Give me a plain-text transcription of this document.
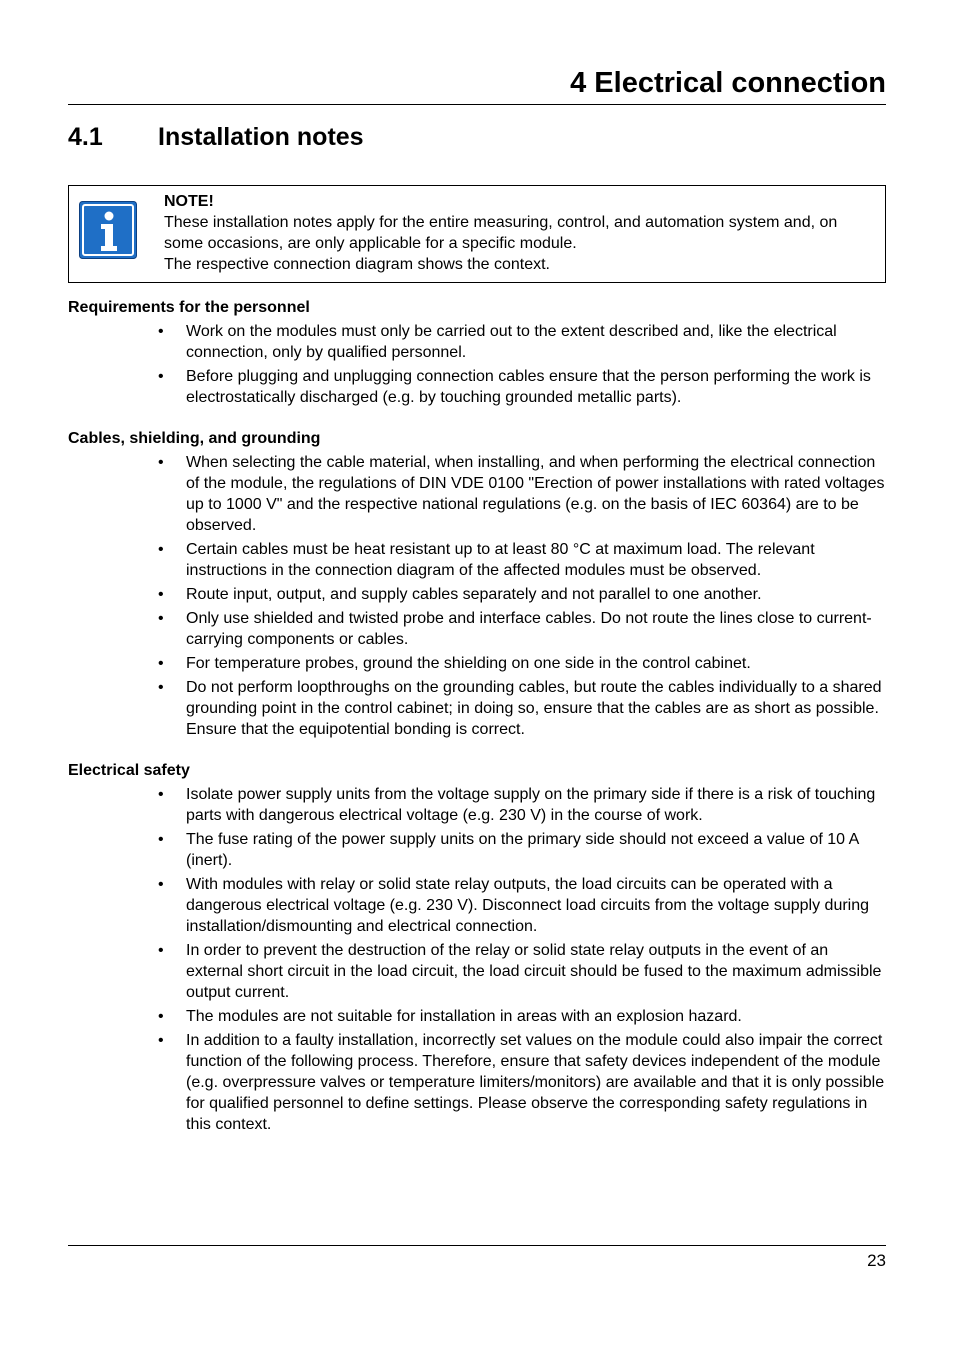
4 Electrical connection
4.1 Installation notes
NOTE!
These installation notes apply for the entire measuring, control, and automation system and, on some occasions, are only applicable for a specific module.
The respective connection diagram shows the context.
Requirements for the personnel
• Work on the modules must only be carried out to the extent described and, like the electrical connection, only by qualified personnel.
• Before plugging and unplugging connection cables ensure that the person performing the work is electrostatically discharged (e.g. by touching grounded metallic parts).
Cables, shielding, and grounding
• When selecting the cable material, when installing, and when performing the electrical connection of the module, the regulations of DIN VDE 0100 "Erection of power installations with rated voltages up to 1000 V" and the respective national regulations (e.g. on the basis of IEC 60364) are to be observed.
• Certain cables must be heat resistant up to at least 80 °C at maximum load. The relevant instructions in the connection diagram of the affected modules must be observed.
• Route input, output, and supply cables separately and not parallel to one another.
• Only use shielded and twisted probe and interface cables. Do not route the lines close to current-carrying components or cables.
• For temperature probes, ground the shielding on one side in the control cabinet.
• Do not perform loopthroughs on the grounding cables, but route the cables individually to a shared grounding point in the control cabinet; in doing so, ensure that the cables are as short as possible.
Ensure that the equipotential bonding is correct.
Electrical safety
• Isolate power supply units from the voltage supply on the primary side if there is a risk of touching parts with dangerous electrical voltage (e.g. 230 V) in the course of work.
• The fuse rating of the power supply units on the primary side should not exceed a value of 10 A (inert).
• With modules with relay or solid state relay outputs, the load circuits can be operated with a dangerous electrical voltage (e.g. 230 V). Disconnect load circuits from the voltage supply during installation/dismounting and electrical connection.
• In order to prevent the destruction of the relay or solid state relay outputs in the event of an external short circuit in the load circuit, the load circuit should be fused to the maximum admissible output current.
• The modules are not suitable for installation in areas with an explosion hazard.
• In addition to a faulty installation, incorrectly set values on the module could also impair the correct function of the following process. Therefore, ensure that safety devices independent of the module (e.g. overpressure valves or temperature limiters/monitors) are available and that it is only possible for qualified personnel to define settings. Please observe the corresponding safety regulations in this context.
23
